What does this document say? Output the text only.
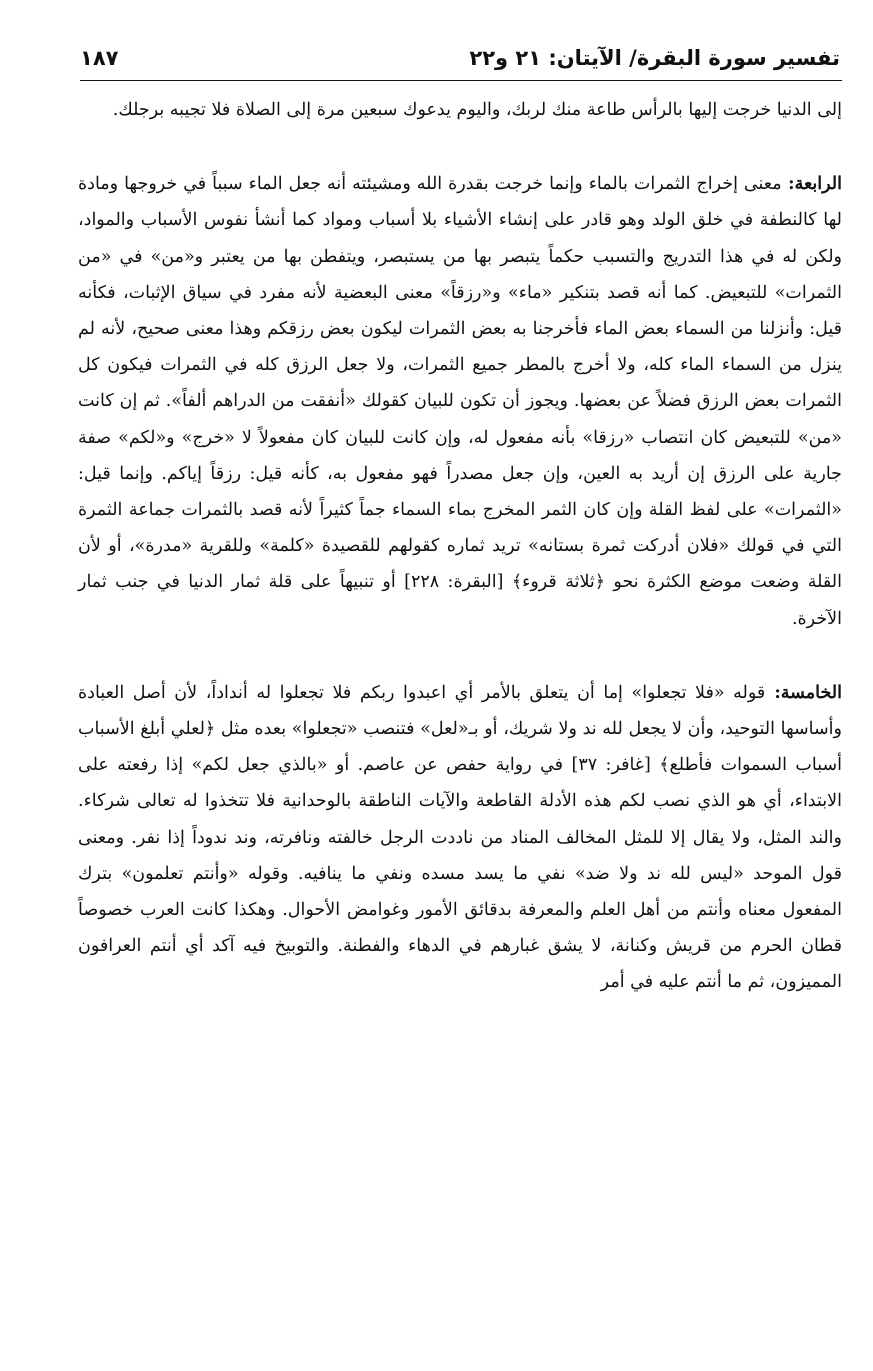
تفسير سورة البقرة/ الآيتان: ٢١ و٢٢
١٨٧

إلى الدنيا خرجت إليها بالرأس طاعة منك لربك، واليوم يدعوك سبعين مرة إلى الصلاة فلا تجيبه برجلك.

الرابعة: معنى إخراج الثمرات بالماء وإنما خرجت بقدرة الله ومشيئته أنه جعل الماء سبباً في خروجها ومادة لها كالنطفة في خلق الولد وهو قادر على إنشاء الأشياء بلا أسباب ومواد كما أنشأ نفوس الأسباب والمواد، ولكن له في هذا التدريج والتسبب حكماً يتبصر بها من يستبصر، ويتفطن بها من يعتبر و«من» في «من الثمرات» للتبعيض. كما أنه قصد بتنكير «ماء» و«رزقاً» معنى البعضية لأنه مفرد في سياق الإثبات، فكأنه قيل: وأنزلنا من السماء بعض الماء فأخرجنا به بعض الثمرات ليكون بعض رزقكم وهذا معنى صحيح، لأنه لم ينزل من السماء الماء كله، ولا أخرج بالمطر جميع الثمرات، ولا جعل الرزق كله في الثمرات فيكون كل الثمرات بعض الرزق فضلاً عن بعضها. ويجوز أن تكون للبيان كقولك «أنفقت من الدراهم ألفاً». ثم إن كانت «من» للتبعيض كان انتصاب «رزقا» بأنه مفعول له، وإن كانت للبيان كان مفعولاً لا «خرج» و«لكم» صفة جارية على الرزق إن أريد به العين، وإن جعل مصدراً فهو مفعول به، كأنه قيل: رزقاً إياكم. وإنما قيل: «الثمرات» على لفظ القلة وإن كان الثمر المخرج بماء السماء جماً كثيراً لأنه قصد بالثمرات جماعة الثمرة التي في قولك «فلان أدركت ثمرة بستانه» تريد ثماره كقولهم للقصيدة «كلمة» وللقرية «مدرة»، أو لأن القلة وضعت موضع الكثرة نحو ﴿ثلاثة قروء﴾ [البقرة: ٢٢٨] أو تنبيهاً على قلة ثمار الدنيا في جنب ثمار الآخرة.

الخامسة: قوله «فلا تجعلوا» إما أن يتعلق بالأمر أي اعبدوا ربكم فلا تجعلوا له أنداداً، لأن أصل العبادة وأساسها التوحيد، وأن لا يجعل لله ند ولا شريك، أو بـ«لعل» فتنصب «تجعلوا» بعده مثل ﴿لعلي أبلغ الأسباب أسباب السموات فأطلع﴾ [غافر: ٣٧] في رواية حفص عن عاصم. أو «بالذي جعل لكم» إذا رفعته على الابتداء، أي هو الذي نصب لكم هذه الأدلة القاطعة والآيات الناطقة بالوحدانية فلا تتخذوا له تعالى شركاء. والند المثل، ولا يقال إلا للمثل المخالف المناد من ناددت الرجل خالفته ونافرته، وند ندوداً إذا نفر. ومعنى قول الموحد «ليس لله ند ولا ضد» نفي ما يسد مسده ونفي ما ينافيه. وقوله «وأنتم تعلمون» بترك المفعول معناه وأنتم من أهل العلم والمعرفة بدقائق الأمور وغوامض الأحوال. وهكذا كانت العرب خصوصاً قطان الحرم من قريش وكنانة، لا يشق غبارهم في الدهاء والفطنة. والتوبيخ فيه آكد أي أنتم العرافون المميزون، ثم ما أنتم عليه في أمر
